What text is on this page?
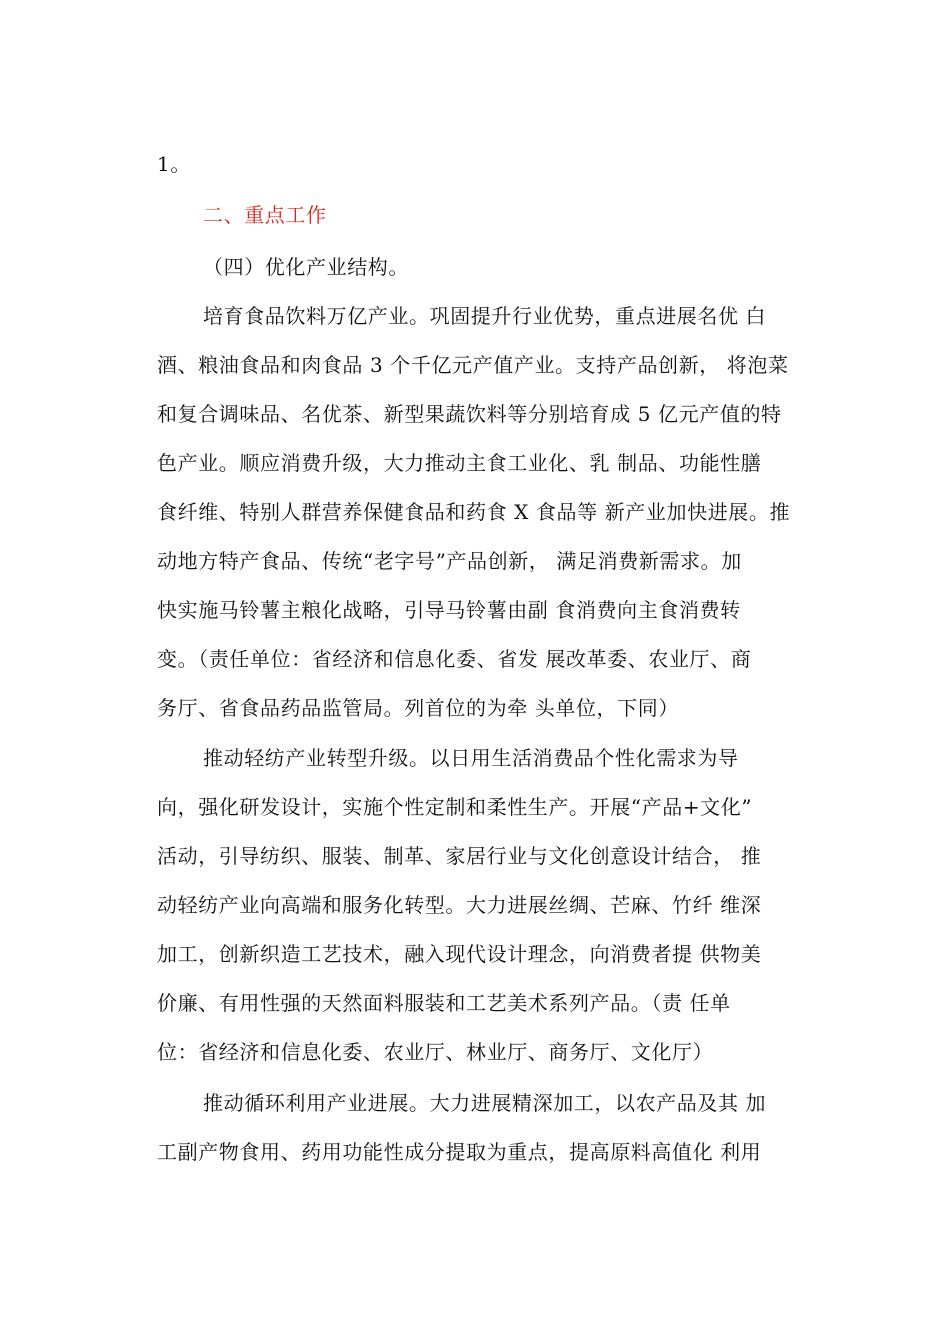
1。
二、重点工作
（四）优化产业结构。
培育食品饮料万亿产业。巩固提升行业优势，重点进展名优 白
酒、粮油食品和肉食品 3 个千亿元产值产业。支持产品创新， 将泡菜
和复合调味品、名优茶、新型果蔬饮料等分别培育成 5 亿元产值的特
色产业。顺应消费升级，大力推动主食工业化、乳 制品、功能性膳
食纤维、特别人群营养保健食品和药食 X 食品等 新产业加快进展。推
动地方特产食品、传统“老字号”产品创新， 满足消费新需求。加
快实施马铃薯主粮化战略，引导马铃薯由副 食消费向主食消费转
变。（责任单位：省经济和信息化委、省发 展改革委、农业厅、商
务厅、省食品药品监管局。列首位的为牵 头单位，下同）
推动轻纺产业转型升级。以日用生活消费品个性化需求为导
向，强化研发设计，实施个性定制和柔性生产。开展“产品+文化”
活动，引导纺织、服装、制革、家居行业与文化创意设计结合， 推
动轻纺产业向高端和服务化转型。大力进展丝绸、芒麻、竹纤 维深
加工，创新织造工艺技术，融入现代设计理念，向消费者提 供物美
价廉、有用性强的天然面料服装和工艺美术系列产品。（责 任单
位：省经济和信息化委、农业厅、林业厅、商务厅、文化厅）
推动循环利用产业进展。大力进展精深加工，以农产品及其 加
工副产物食用、药用功能性成分提取为重点，提高原料高值化 利用
